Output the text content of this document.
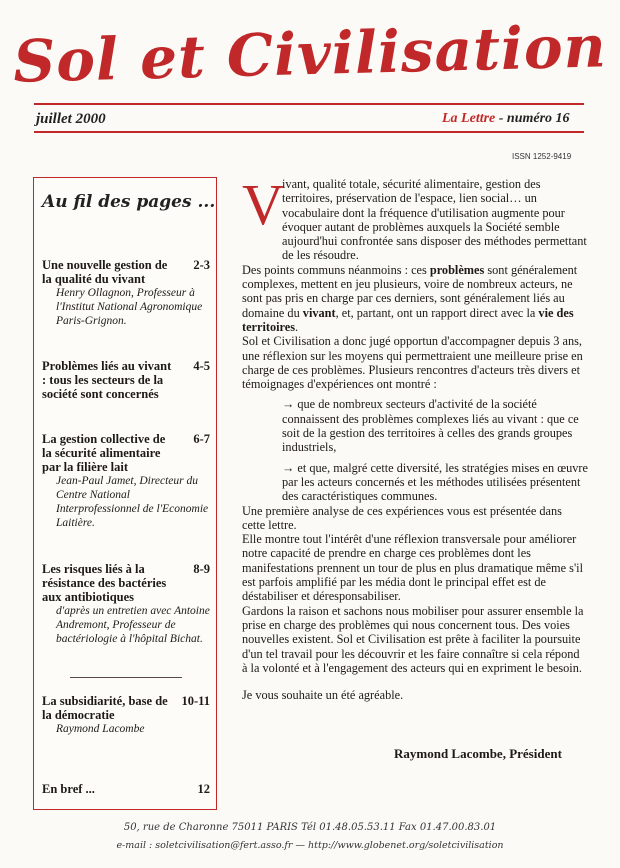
Sol et Civilisation
juillet 2000	La Lettre - numéro 16
ISSN 1252-9419
Au fil des pages ...
Une nouvelle gestion de la qualité du vivant
2-3
Henry Ollagnon, Professeur à l'Institut National Agronomique Paris-Grignon.
Problèmes liés au vivant : tous les secteurs de la société sont concernés
4-5
La gestion collective de la sécurité alimentaire par la filière lait
6-7
Jean-Paul Jamet, Directeur du Centre National Interprofessionnel de l'Economie Laitière.
Les risques liés à la résistance des bactéries aux antibiotiques
8-9
d'après un entretien avec Antoine Andremont, Professeur de bactériologie à l'hôpital Bichat.
La subsidiarité, base de la démocratie
10-11
Raymond Lacombe
En bref ...	12
V

ivant, qualité totale, sécurité alimentaire, gestion des territoires, préservation de l'espace, lien social… un vocabulaire dont la fréquence d'utilisation augmente pour évoquer autant de problèmes auxquels la Société semble aujourd'hui confrontée sans disposer des méthodes permettant de les résoudre.

Des points communs néanmoins : ces problèmes sont généralement complexes, mettent en jeu plusieurs, voire de nombreux acteurs, ne sont pas pris en charge par ces derniers, sont généralement liés au domaine du vivant, et, partant, ont un rapport direct avec la vie des territoires.

Sol et Civilisation a donc jugé opportun d'accompagner depuis 3 ans, une réflexion sur les moyens qui permettraient une meilleure prise en charge de ces problèmes. Plusieurs rencontres d'acteurs très divers et témoignages d'expériences ont montré :

→ que de nombreux secteurs d'activité de la société connaissent des problèmes complexes liés au vivant : que ce soit de la gestion des territoires à celles des grands groupes industriels,

→ et que, malgré cette diversité, les stratégies mises en œuvre par les acteurs concernés et les méthodes utilisées présentent des caractéristiques communes.

Une première analyse de ces expériences vous est présentée dans cette lettre.

Elle montre tout l'intérêt d'une réflexion transversale pour améliorer notre capacité de prendre en charge ces problèmes dont les manifestations prennent un tour de plus en plus dramatique même s'il est parfois amplifié par les média dont le principal effet est de déstabiliser et déresponsabiliser.

Gardons la raison et sachons nous mobiliser pour assurer ensemble la prise en charge des problèmes qui nous concernent tous. Des voies nouvelles existent. Sol et Civilisation est prête à faciliter la poursuite d'un tel travail pour les découvrir et les faire connaître si cela répond à la volonté et à l'engagement des acteurs qui en expriment le besoin.

Je vous souhaite un été agréable.

Raymond Lacombe, Président
50, rue de Charonne 75011 PARIS Tél 01.48.05.53.11 Fax 01.47.00.83.01
e-mail : soletcivilisation@fert.asso.fr — http://www.globenet.org/soletcivilisation
